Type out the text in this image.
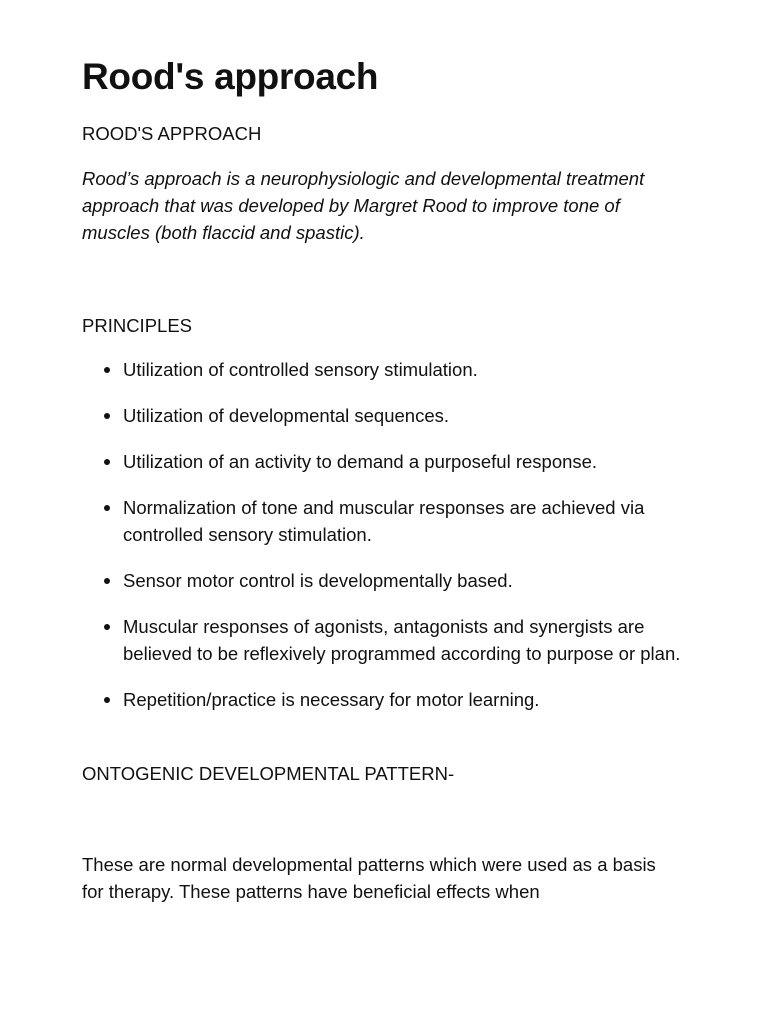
Rood's approach

ROOD'S APPROACH

Rood’s approach is a neurophysiologic and developmental treatment approach that was developed by Margret Rood to improve tone of muscles (both flaccid and spastic).

PRINCIPLES

Utilization of controlled sensory stimulation.
Utilization of developmental sequences.
Utilization of an activity to demand a purposeful response.
Normalization of tone and muscular responses are achieved via controlled sensory stimulation.
Sensor motor control is developmentally based.
Muscular responses of agonists, antagonists and synergists are believed to be reflexively programmed according to purpose or plan.
Repetition/practice is necessary for motor learning.

ONTOGENIC DEVELOPMENTAL PATTERN-

These are normal developmental patterns which were used as a basis for therapy. These patterns have beneficial effects when
